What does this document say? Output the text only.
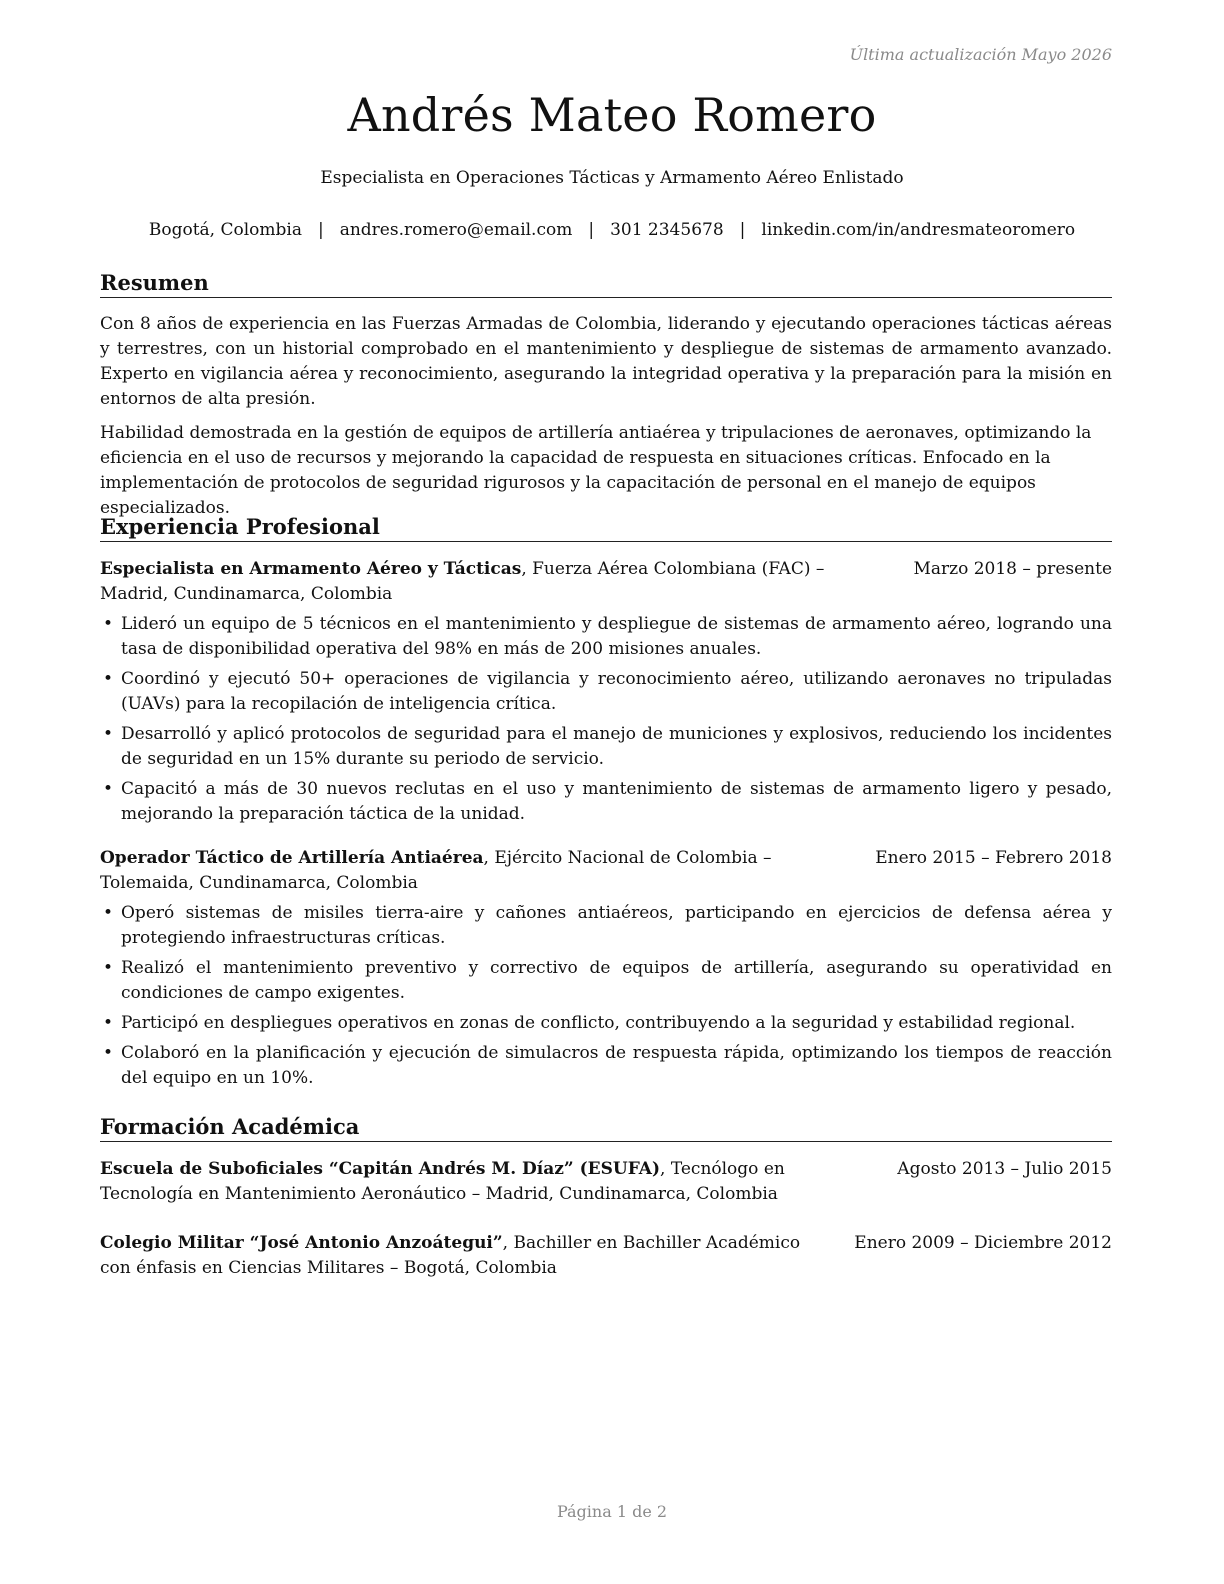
Última actualización Mayo 2026
Andrés Mateo Romero
Especialista en Operaciones Tácticas y Armamento Aéreo Enlistado
Bogotá, Colombia | andres.romero@email.com | 301 2345678 | linkedin.com/in/andresmateoromero
Resumen

Con 8 años de experiencia en las Fuerzas Armadas de Colombia, liderando y ejecutando operaciones tácticas aéreas y terrestres, con un historial comprobado en el mantenimiento y despliegue de sistemas de armamento avanzado. Experto en vigilancia aérea y reconocimiento, asegurando la integridad operativa y la preparación para la misión en entornos de alta presión.

Habilidad demostrada en la gestión de equipos de artillería antiaérea y tripulaciones de aeronaves, optimizando la eficiencia en el uso de recursos y mejorando la capacidad de respuesta en situaciones críticas. Enfocado en la implementación de protocolos de seguridad rigurosos y la capacitación de personal en el manejo de equipos especializados.

Experiencia Profesional
Especialista en Armamento Aéreo y Tácticas, Fuerza Aérea Colombiana (FAC) – Madrid, Cundinamarca, Colombia
Marzo 2018 – presente
• Lideró un equipo de 5 técnicos en el mantenimiento y despliegue de sistemas de armamento aéreo, logrando una tasa de disponibilidad operativa del 98% en más de 200 misiones anuales.
• Coordinó y ejecutó 50+ operaciones de vigilancia y reconocimiento aéreo, utilizando aeronaves no tripuladas (UAVs) para la recopilación de inteligencia crítica.
• Desarrolló y aplicó protocolos de seguridad para el manejo de municiones y explosivos, reduciendo los incidentes de seguridad en un 15% durante su periodo de servicio.
• Capacitó a más de 30 nuevos reclutas en el uso y mantenimiento de sistemas de armamento ligero y pesado, mejorando la preparación táctica de la unidad.
Operador Táctico de Artillería Antiaérea, Ejército Nacional de Colombia – Tolemaida, Cundinamarca, Colombia
Enero 2015 – Febrero 2018
• Operó sistemas de misiles tierra-aire y cañones antiaéreos, participando en ejercicios de defensa aérea y protegiendo infraestructuras críticas.
• Realizó el mantenimiento preventivo y correctivo de equipos de artillería, asegurando su operatividad en condiciones de campo exigentes.
• Participó en despliegues operativos en zonas de conflicto, contribuyendo a la seguridad y estabilidad regional.
• Colaboró en la planificación y ejecución de simulacros de respuesta rápida, optimizando los tiempos de reacción del equipo en un 10%.
Formación Académica
Escuela de Suboficiales “Capitán Andrés M. Díaz” (ESUFA), Tecnólogo en Tecnología en Mantenimiento Aeronáutico – Madrid, Cundinamarca, Colombia
Agosto 2013 – Julio 2015
Colegio Militar “José Antonio Anzoátegui”, Bachiller en Bachiller Académico con énfasis en Ciencias Militares – Bogotá, Colombia
Enero 2009 – Diciembre 2012
Página 1 de 2
